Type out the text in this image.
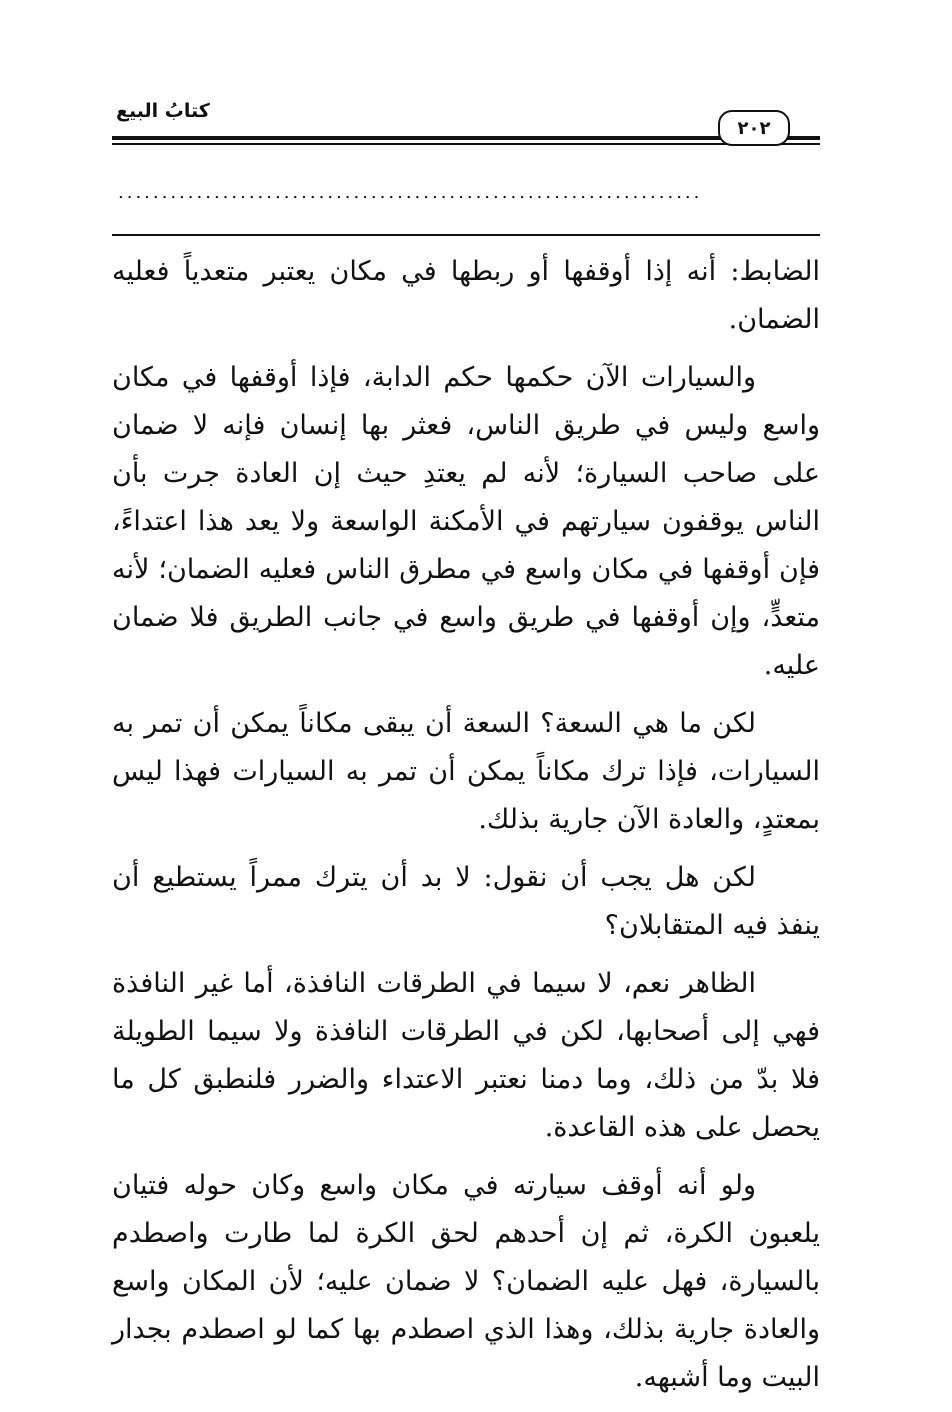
كتابُ البيع
٢٠٢
...................................................................

الضابط: أنه إذا أوقفها أو ربطها في مكان يعتبر متعدياً فعليه الضمان.

والسيارات الآن حكمها حكم الدابة، فإذا أوقفها في مكان واسع وليس في طريق الناس، فعثر بها إنسان فإنه لا ضمان على صاحب السيارة؛ لأنه لم يعتدِ حيث إن العادة جرت بأن الناس يوقفون سيارتهم في الأمكنة الواسعة ولا يعد هذا اعتداءً، فإن أوقفها في مكان واسع في مطرق الناس فعليه الضمان؛ لأنه متعدٍّ، وإن أوقفها في طريق واسع في جانب الطريق فلا ضمان عليه.

لكن ما هي السعة؟ السعة أن يبقى مكاناً يمكن أن تمر به السيارات، فإذا ترك مكاناً يمكن أن تمر به السيارات فهذا ليس بمعتدٍ، والعادة الآن جارية بذلك.

لكن هل يجب أن نقول: لا بد أن يترك ممراً يستطيع أن ينفذ فيه المتقابلان؟

الظاهر نعم، لا سيما في الطرقات النافذة، أما غير النافذة فهي إلى أصحابها، لكن في الطرقات النافذة ولا سيما الطويلة فلا بدّ من ذلك، وما دمنا نعتبر الاعتداء والضرر فلنطبق كل ما يحصل على هذه القاعدة.

ولو أنه أوقف سيارته في مكان واسع وكان حوله فتيان يلعبون الكرة، ثم إن أحدهم لحق الكرة لما طارت واصطدم بالسيارة، فهل عليه الضمان؟ لا ضمان عليه؛ لأن المكان واسع والعادة جارية بذلك، وهذا الذي اصطدم بها كما لو اصطدم بجدار البيت وما أشبهه.
